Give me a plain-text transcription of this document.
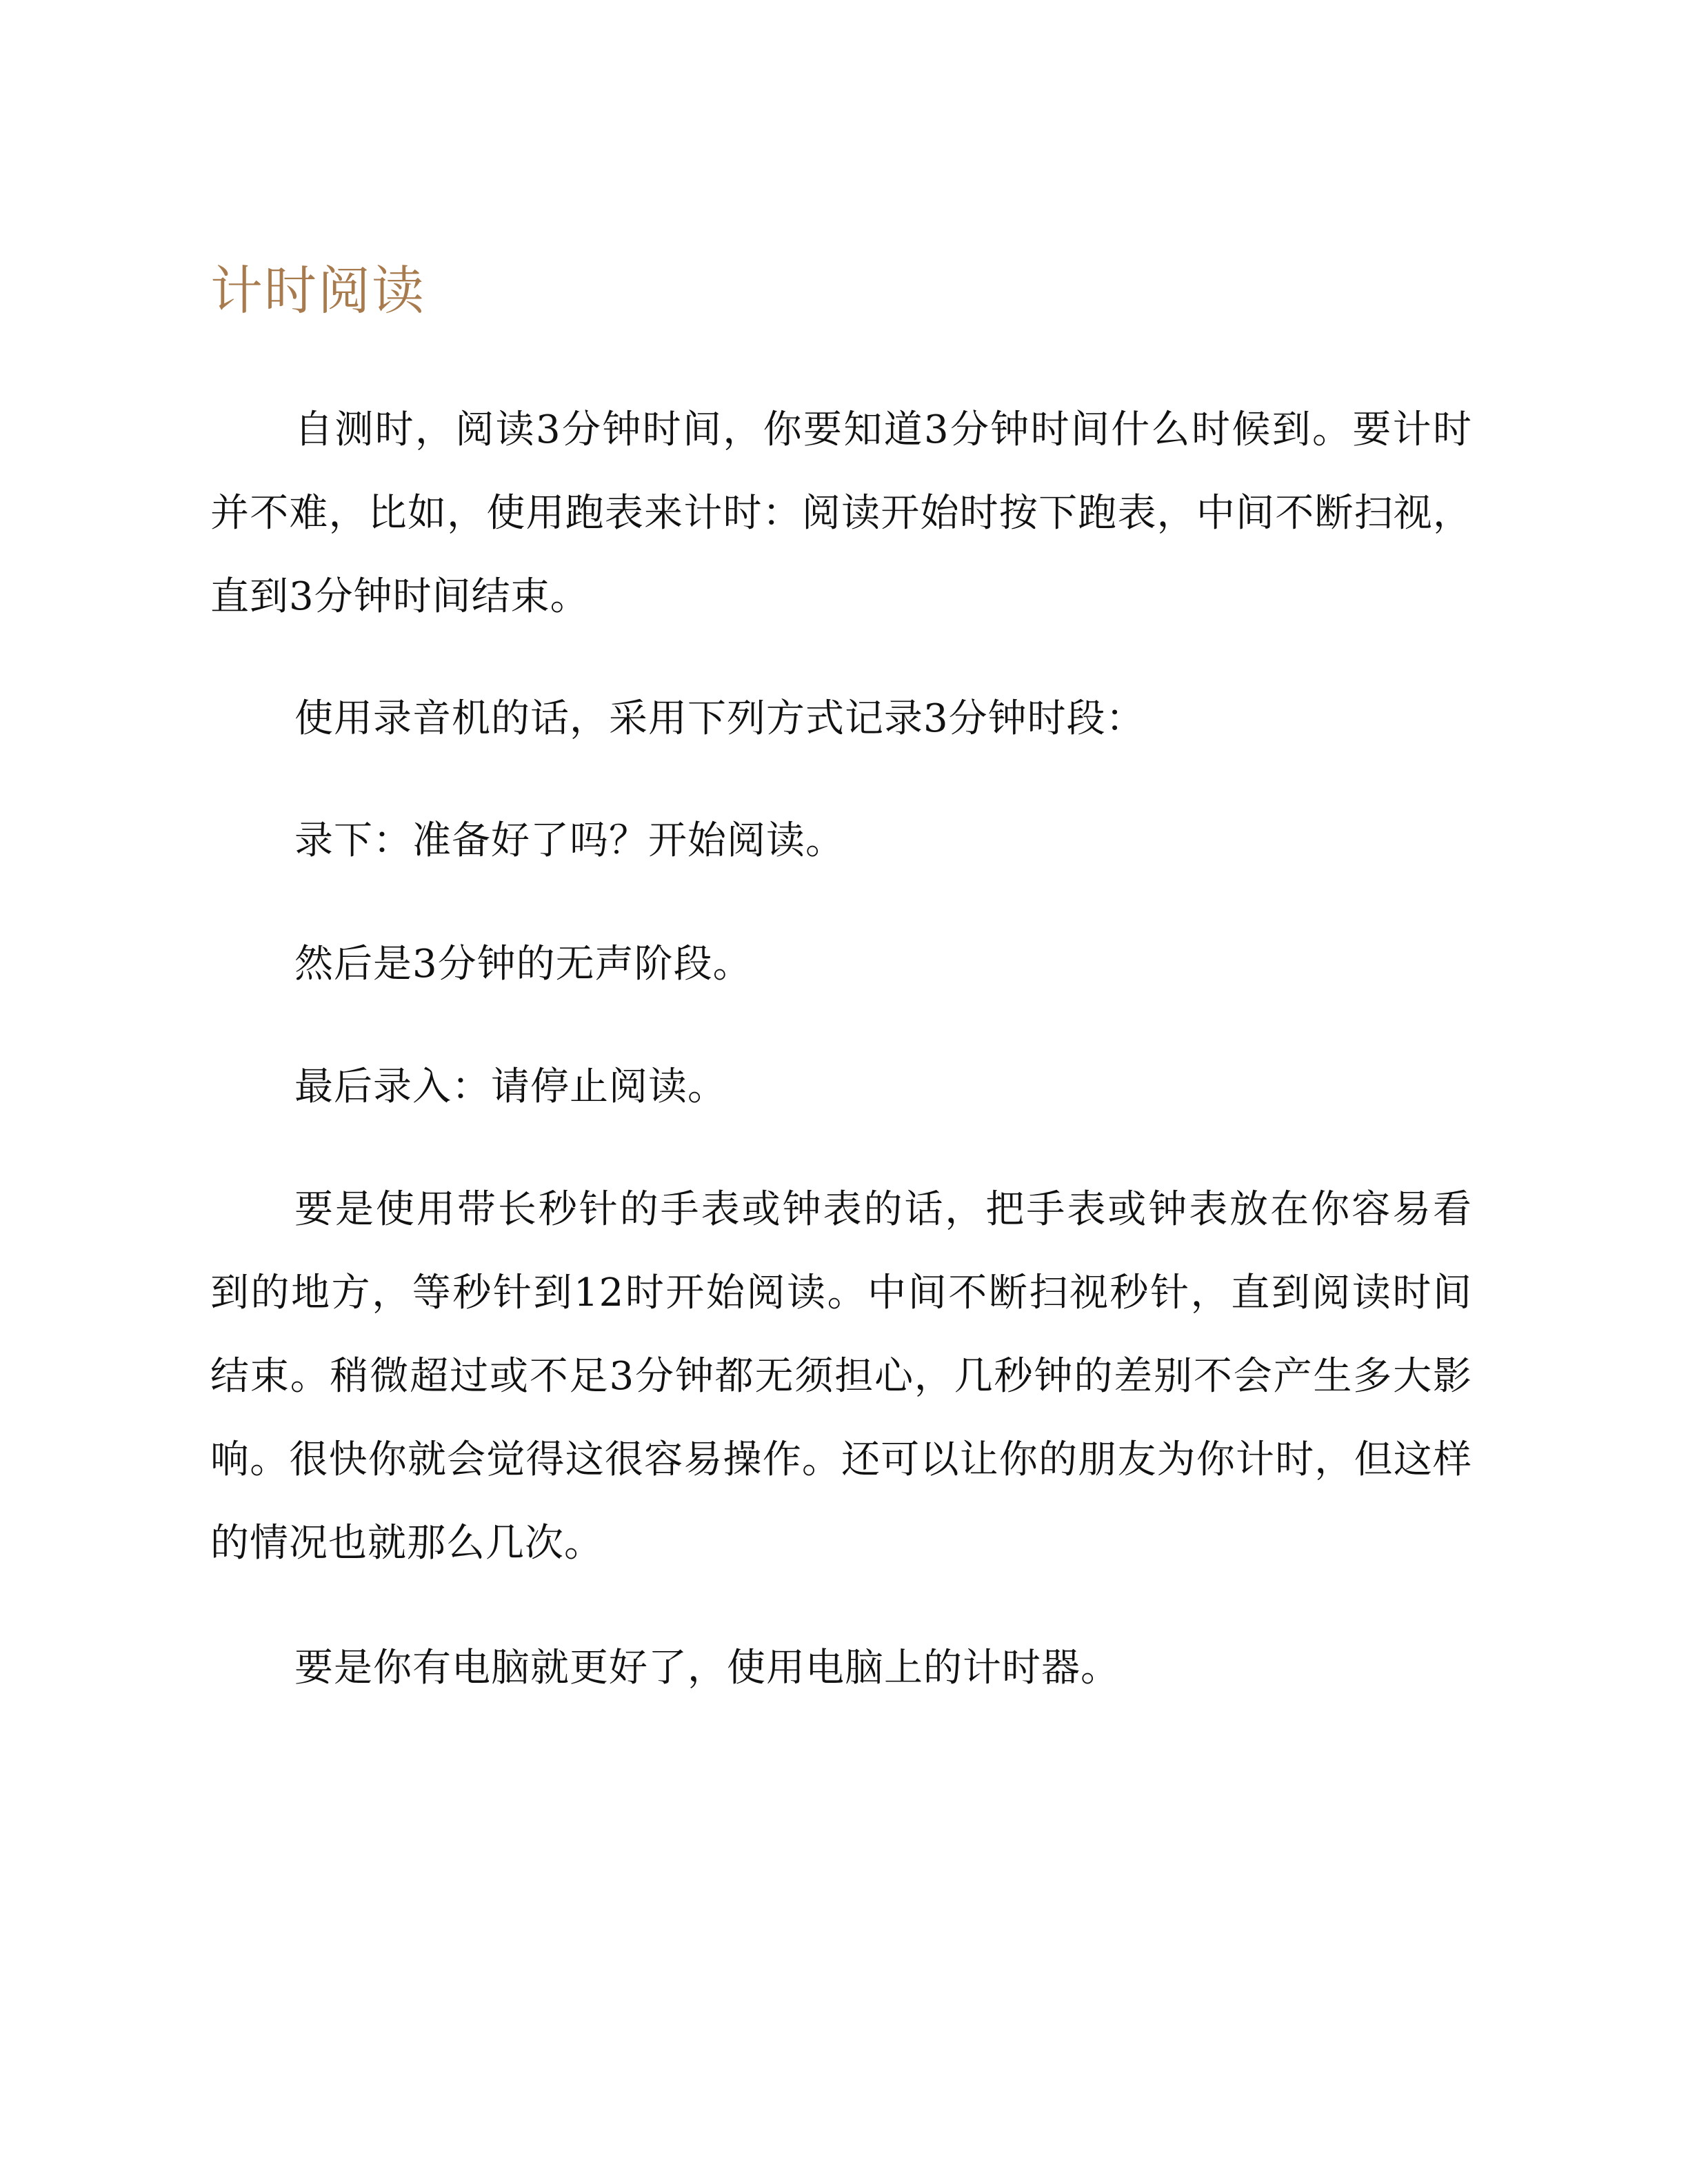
计时阅读

自测时，阅读3分钟时间，你要知道3分钟时间什么时候到。要计时并不难，比如，使用跑表来计时：阅读开始时按下跑表，中间不断扫视，直到3分钟时间结束。

使用录音机的话，采用下列方式记录3分钟时段：

录下：准备好了吗？开始阅读。

然后是3分钟的无声阶段。

最后录入：请停止阅读。

要是使用带长秒针的手表或钟表的话，把手表或钟表放在你容易看到的地方，等秒针到12时开始阅读。中间不断扫视秒针，直到阅读时间结束。稍微超过或不足3分钟都无须担心，几秒钟的差别不会产生多大影响。很快你就会觉得这很容易操作。还可以让你的朋友为你计时，但这样的情况也就那么几次。

要是你有电脑就更好了，使用电脑上的计时器。
